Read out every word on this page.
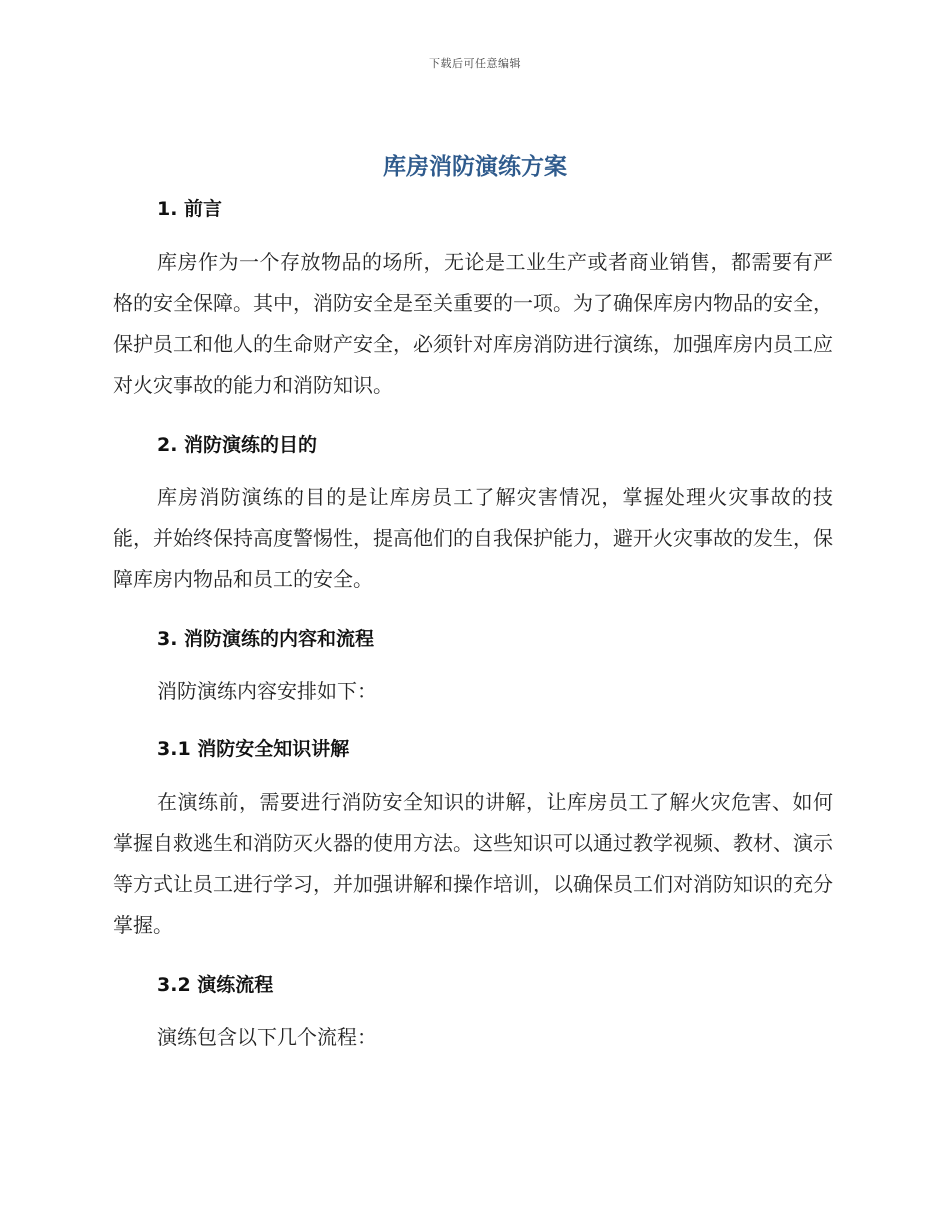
下载后可任意编辑
库房消防演练方案
1. 前言

库房作为一个存放物品的场所，无论是工业生产或者商业销售，都需要有严格的安全保障。其中，消防安全是至关重要的一项。为了确保库房内物品的安全，保护员工和他人的生命财产安全，必须针对库房消防进行演练，加强库房内员工应对火灾事故的能力和消防知识。

2. 消防演练的目的

库房消防演练的目的是让库房员工了解灾害情况，掌握处理火灾事故的技能，并始终保持高度警惕性，提高他们的自我保护能力，避开火灾事故的发生，保障库房内物品和员工的安全。

3. 消防演练的内容和流程

消防演练内容安排如下：

3.1 消防安全知识讲解

在演练前，需要进行消防安全知识的讲解，让库房员工了解火灾危害、如何掌握自救逃生和消防灭火器的使用方法。这些知识可以通过教学视频、教材、演示等方式让员工进行学习，并加强讲解和操作培训，以确保员工们对消防知识的充分掌握。

3.2 演练流程

演练包含以下几个流程：
